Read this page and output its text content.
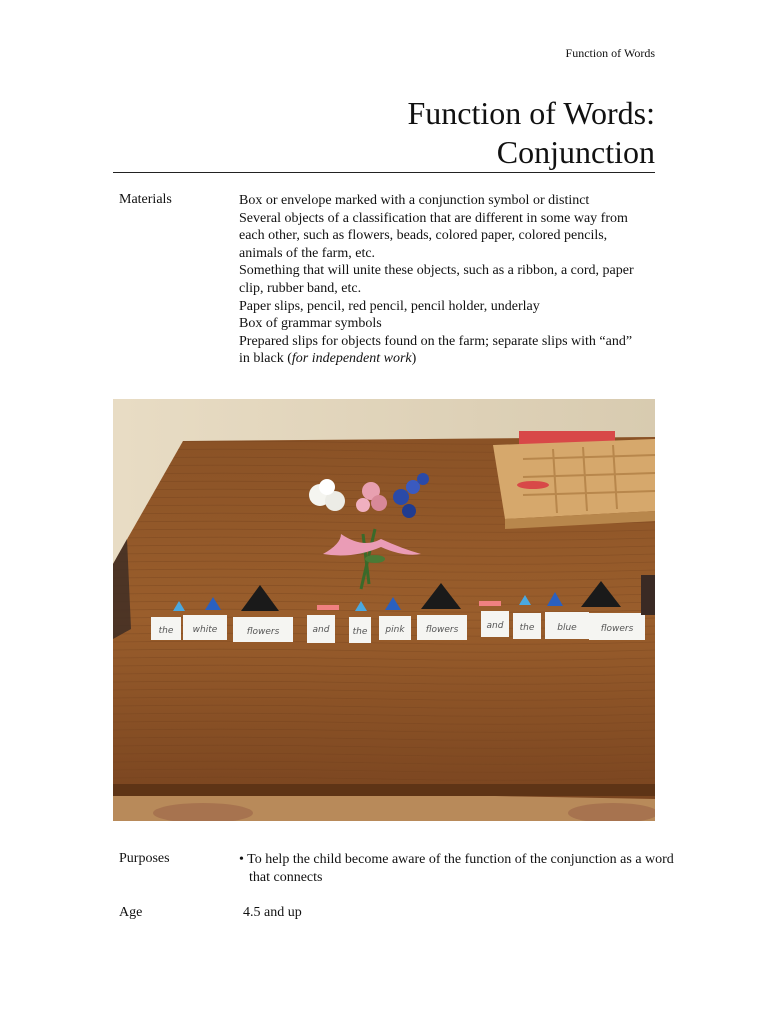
Function of Words
Function of Words:
Conjunction
Materials	Box or envelope marked with a conjunction symbol or distinct
Several objects of a classification that are different in some way from
each other, such as flowers, beads, colored paper, colored pencils,
animals of the farm, etc.
Something that will unite these objects, such as a ribbon, a cord, paper
clip, rubber band, etc.
Paper slips, pencil, red pencil, pencil holder, underlay
Box of grammar symbols
Prepared slips for objects found on the farm; separate slips with “and”
in black (for independent work)
the white	flowers	and	the pink flowers	and the	blue	flowers
Purposes	• To help the child become aware of the function of the conjunction as a word that connects
Age	4.5 and up
